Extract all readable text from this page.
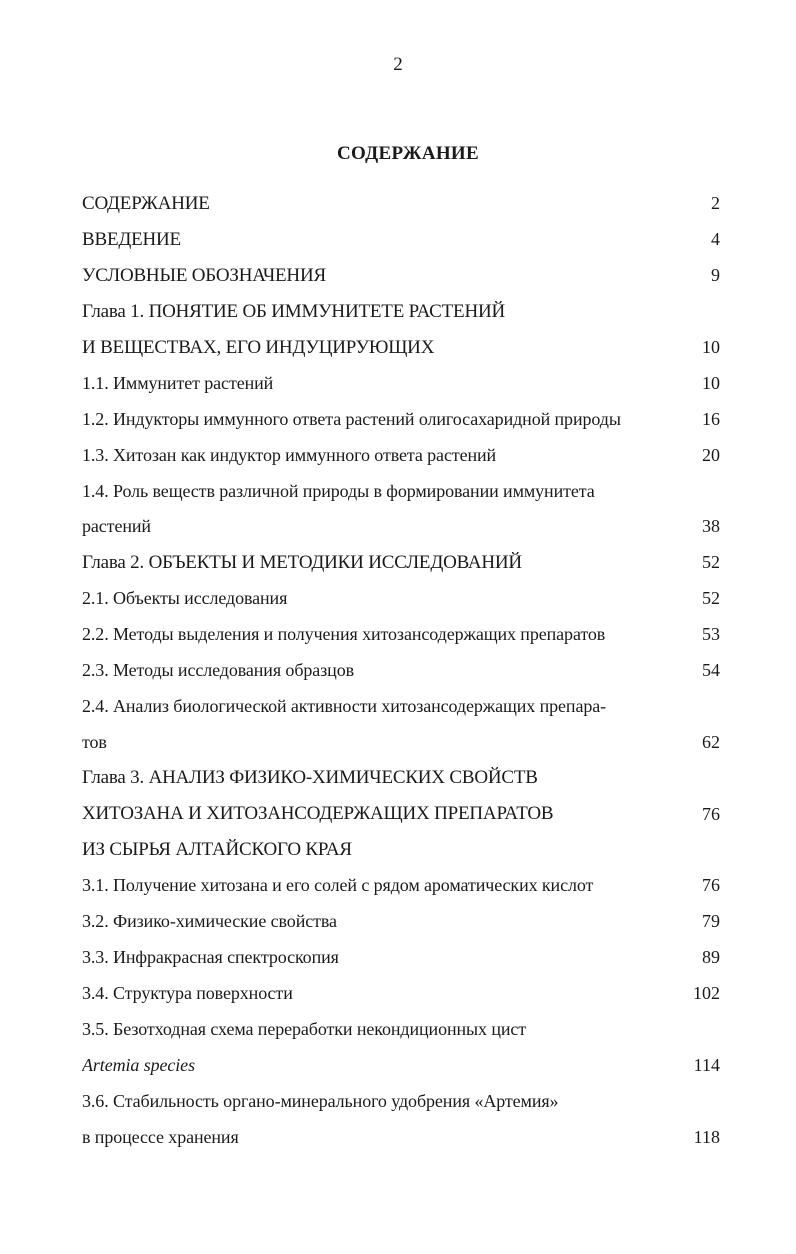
2
СОДЕРЖАНИЕ
СОДЕРЖАНИЕ	2
ВВЕДЕНИЕ	4
УСЛОВНЫЕ ОБОЗНАЧЕНИЯ	9
Глава 1. ПОНЯТИЕ ОБ ИММУНИТЕТЕ РАСТЕНИЙ
И ВЕЩЕСТВАХ, ЕГО ИНДУЦИРУЮЩИХ	10
1.1. Иммунитет растений	10
1.2. Индукторы иммунного ответа растений олигосахаридной природы	16
1.3. Хитозан как индуктор иммунного ответа растений	20
1.4. Роль веществ различной природы в формировании иммунитета
растений	38
Глава 2. ОБЪЕКТЫ И МЕТОДИКИ ИССЛЕДОВАНИЙ	52
2.1. Объекты исследования	52
2.2. Методы выделения и получения хитозансодержащих препаратов	53
2.3. Методы исследования образцов	54
2.4. Анализ биологической активности хитозансодержащих препара-
тов	62
Глава 3. АНАЛИЗ ФИЗИКО-ХИМИЧЕСКИХ СВОЙСТВ
ХИТОЗАНА И ХИТОЗАНСОДЕРЖАЩИХ ПРЕПАРАТОВ	76
ИЗ СЫРЬЯ АЛТАЙСКОГО КРАЯ
3.1. Получение хитозана и его солей с рядом ароматических кислот	76
3.2. Физико-химические свойства	79
3.3. Инфракрасная спектроскопия	89
3.4. Структура поверхности	102
3.5. Безотходная схема переработки некондиционных цист
Artemia species	114
3.6. Стабильность органо-минерального удобрения «Артемия»
в процессе хранения	118
